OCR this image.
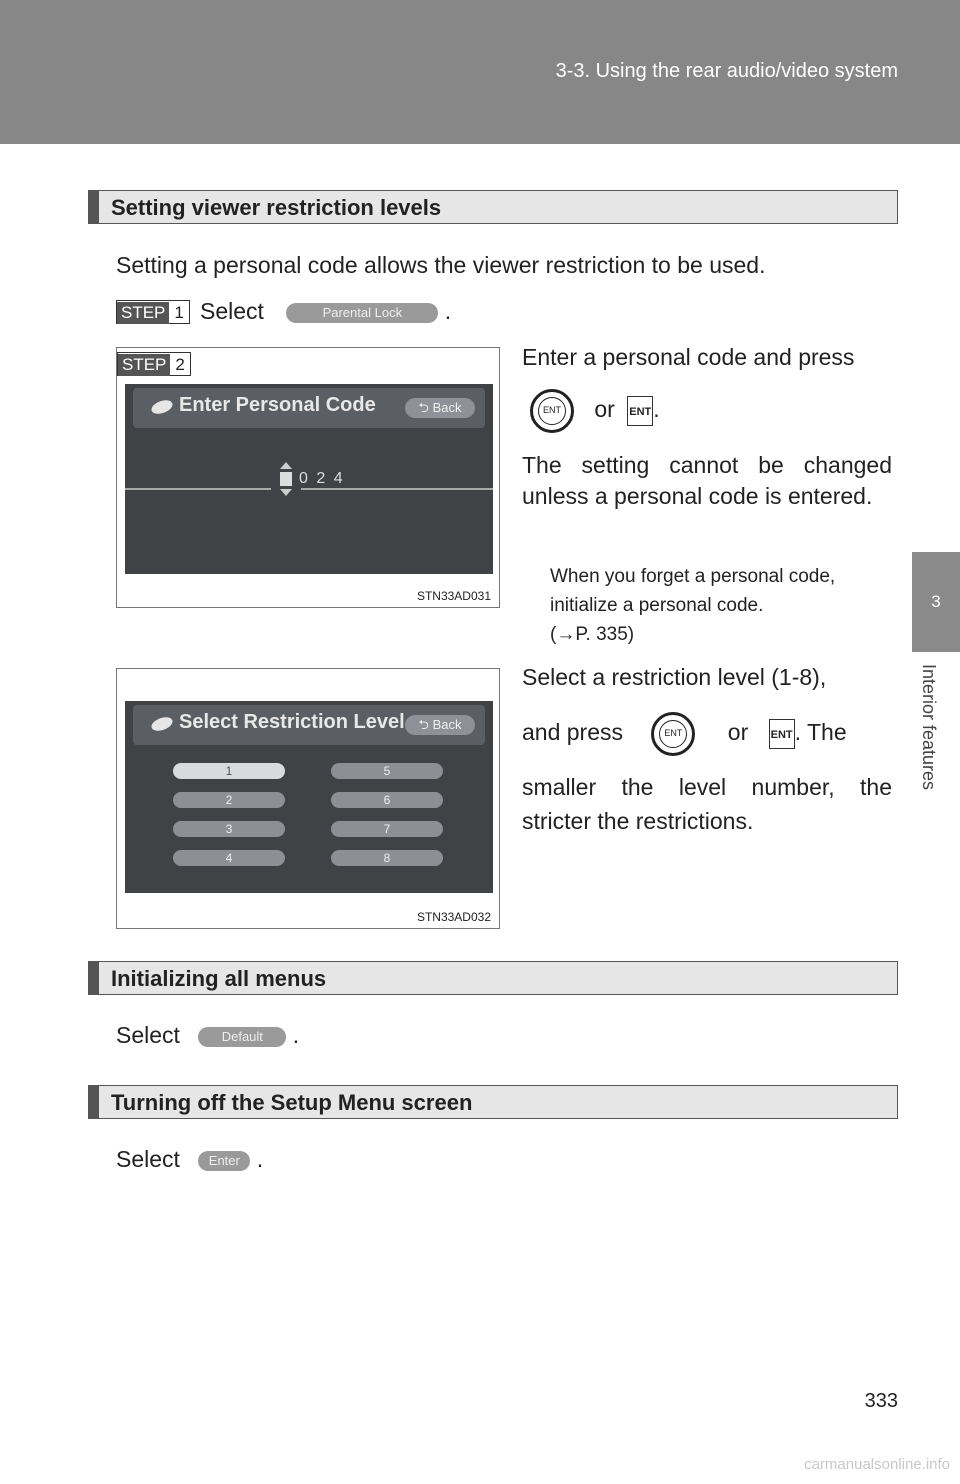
3-3. Using the rear audio/video system
3
Interior features
Setting viewer restriction levels
Setting a personal code allows the viewer restriction to be used.
STEP 1 Select	Parental Lock .
STEP 2
Enter Personal Code	⮌ Back
0 2 4
STN33AD031
Enter a personal code and press
ENT	or ENT.
The setting cannot be changed unless a personal code is entered.
When you forget a personal code,
initialize a personal code.
(→P. 335)
Select Restriction Level	⮌ Back
1
2
3
4
5
6
7
8
STN33AD032
Select a restriction level (1-8),
and press	ENT	or ENT. The
smaller the level number, the
stricter the restrictions.
Initializing all menus
Select	Default .
Turning off the Setup Menu screen
Select Enter .
333
carmanualsonline.info
